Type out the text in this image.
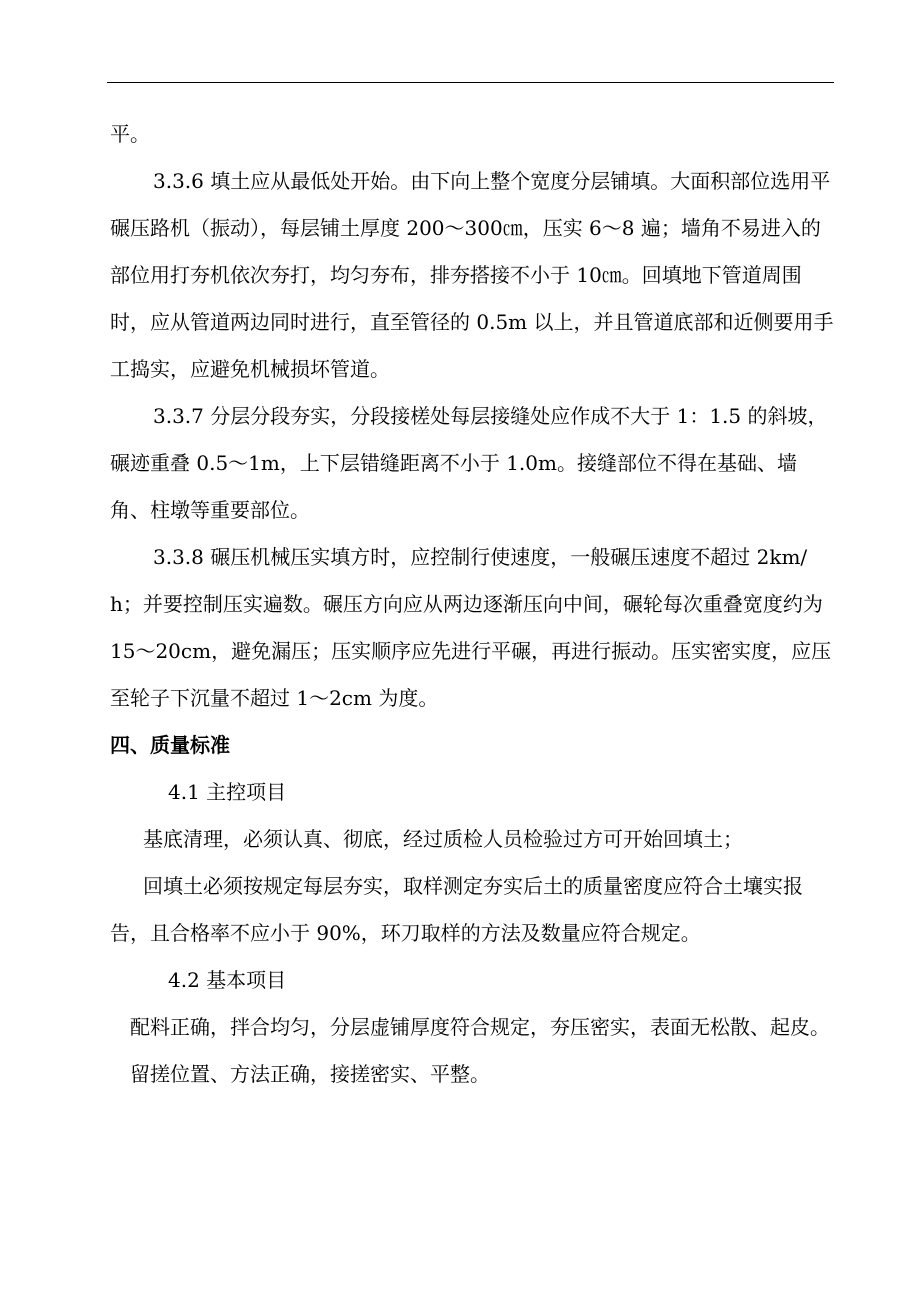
平。

3.3.6 填土应从最低处开始。由下向上整个宽度分层铺填。大面积部位选用平碾压路机（振动），每层铺土厚度 200～300㎝，压实 6～8 遍；墙角不易进入的部位用打夯机依次夯打，均匀夯布，排夯搭接不小于 10㎝。回填地下管道周围时，应从管道两边同时进行，直至管径的 0.5m 以上，并且管道底部和近侧要用手工捣实，应避免机械损坏管道。

3.3.7 分层分段夯实，分段接槎处每层接缝处应作成不大于 1：1.5 的斜坡，碾迹重叠 0.5～1m，上下层错缝距离不小于 1.0m。接缝部位不得在基础、墙角、柱墩等重要部位。

3.3.8 碾压机械压实填方时，应控制行使速度，一般碾压速度不超过 2km/h；并要控制压实遍数。碾压方向应从两边逐渐压向中间，碾轮每次重叠宽度约为 15～20cm，避免漏压；压实顺序应先进行平碾，再进行振动。压实密实度，应压至轮子下沉量不超过 1～2cm 为度。

四、质量标准

4.1 主控项目

基底清理，必须认真、彻底，经过质检人员检验过方可开始回填土；

回填土必须按规定每层夯实，取样测定夯实后土的质量密度应符合土壤实报告，且合格率不应小于 90%，环刀取样的方法及数量应符合规定。

4.2 基本项目

配料正确，拌合均匀，分层虚铺厚度符合规定，夯压密实，表面无松散、起皮。

留搓位置、方法正确，接搓密实、平整。
